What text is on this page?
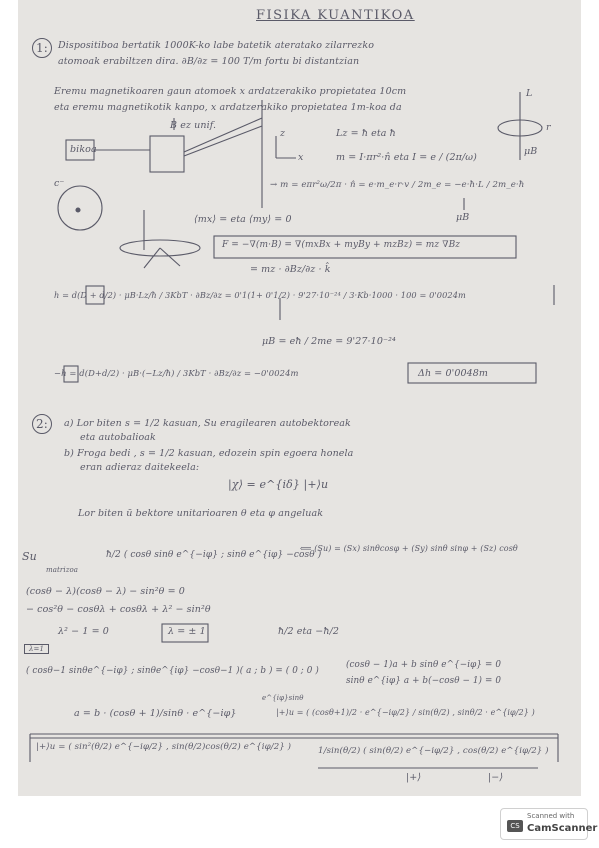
FISIKA KUANTIKOA
1:	Dispositiboa bertatik 1000K-ko labe batetik ateratako zilarrezko
atomoak erabiltzen dira. ∂B/∂z = 100 T/m fortu bi distantzian
Eremu magnetikoaren gaun atomoek x ardatzerakiko propietatea 10cm
eta eremu magnetikotik kanpo, x ardatzerakiko propietatea 1m-koa da
B ez unif.
bikoa
c⁻
z
x
L
r
μB
Lz = ħ eta ħ
m = I·πr²·n̂ eta I = e / (2π/ω)
→ m = eπr²ω/2π · n̂ = e·m_e·r·v / 2m_e = −e·ħ·L / 2m_e·ħ
μB
⟨mx⟩ = eta ⟨my⟩ = 0
F = −∇(m·B) = ∇(mxBx + myBy + mzBz) = mz ∇Bz
= mz · ∂Bz/∂z · k̂
h = d(D + d/2) · μB·Lz/ħ / 3KbT · ∂Bz/∂z = 0'1(1+ 0'1/2) · 9'27·10⁻²⁴ / 3·Kb·1000 · 100 = 0'0024m
μB = eħ / 2me = 9'27·10⁻²⁴
−h = d(D+d/2) · μB·(−Lz/ħ) / 3KbT · ∂Bz/∂z = −0'0024m	Δh = 0'0048m
2:	a) Lor biten s = 1/2 kasuan, Su eragilearen autobektoreak
eta autobalioak
b) Froga bedi , s = 1/2 kasuan, edozein spin egoera honela
eran adieraz daitekeela:
|χ⟩ = e^{iδ} |+⟩u
Lor biten ū bektore unitarioaren θ eta φ angeluak
Su
matrizoa
ħ/2 ( cosθ sinθ e^{−iφ} ; sinθ e^{iφ} −cosθ )
⟸ (Su) = (Sx) sinθcosφ + (Sy) sinθ sinφ + (Sz) cosθ
(cosθ − λ)(cosθ − λ) − sin²θ = 0
− cos²θ − cosθλ + cosθλ + λ² − sin²θ
λ² − 1 = 0	λ = ± 1	ħ/2 eta −ħ/2
λ=1
( cosθ−1 sinθe^{−iφ} ; sinθe^{iφ} −cosθ−1 )( a ; b ) = ( 0 ; 0 )
(cosθ − 1)a + b sinθ e^{−iφ} = 0
sinθ e^{iφ} a + b(−cosθ − 1) = 0
a = b · (cosθ + 1)/sinθ · e^{−iφ}
e^{iφ}sinθ
|+⟩u = ( (cosθ+1)/2 · e^{−iφ/2} / sin(θ/2) , sinθ/2 · e^{iφ/2} )
|+⟩u = ( sin²(θ/2) e^{−iφ/2} , sin(θ/2)cos(θ/2) e^{iφ/2} )	1/sin(θ/2) ( sin(θ/2) e^{−iφ/2} , cos(θ/2) e^{iφ/2} )
|+⟩	|−⟩
CS
Scanned with
CamScanner
